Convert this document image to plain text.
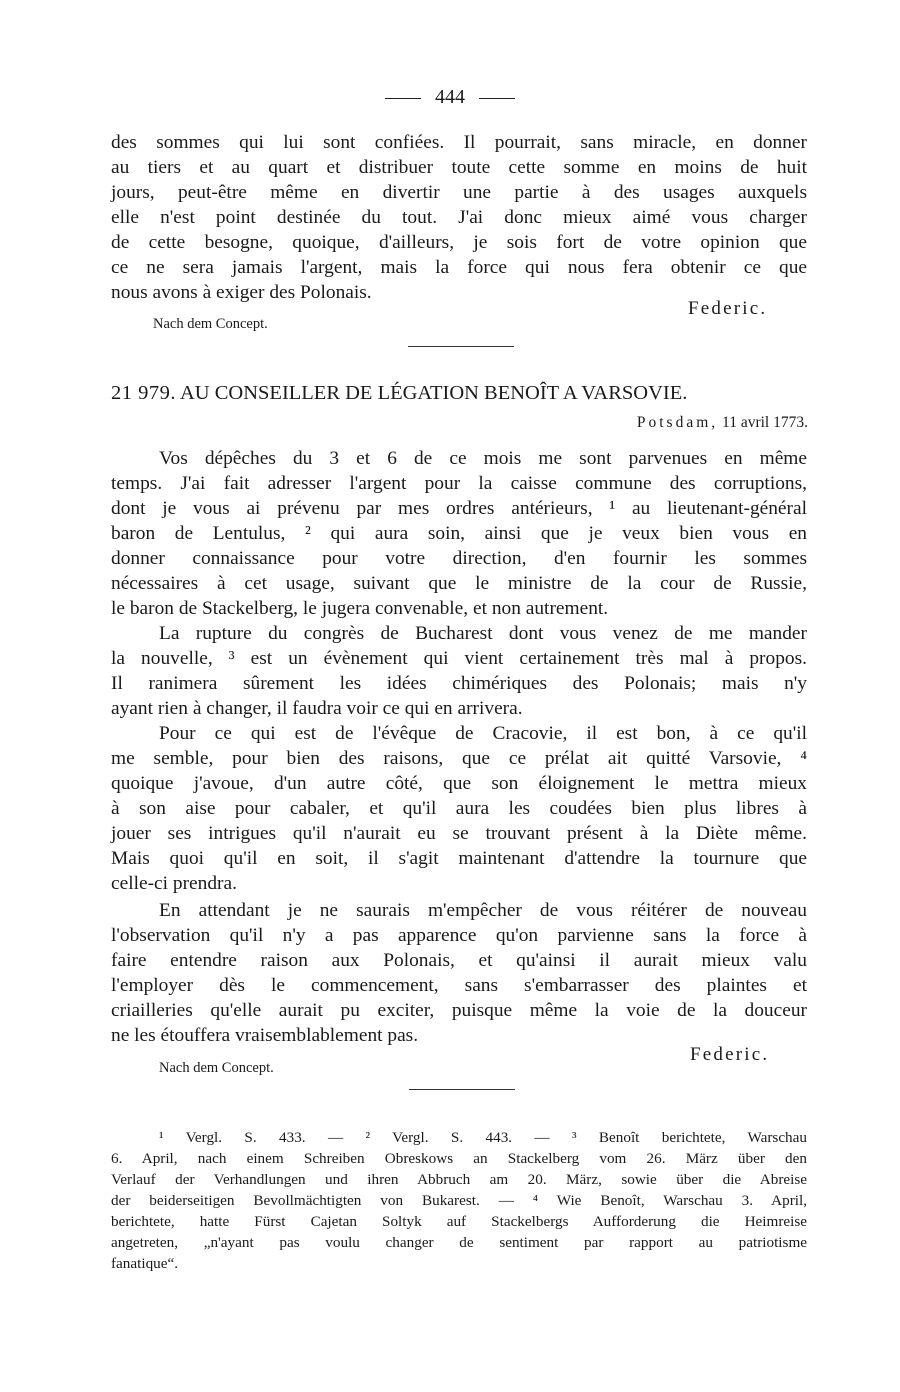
444
des sommes qui lui sont confiées. Il pourrait, sans miracle, en donner
au tiers et au quart et distribuer toute cette somme en moins de huit
jours, peut-être même en divertir une partie à des usages auxquels
elle n'est point destinée du tout. J'ai donc mieux aimé vous charger
de cette besogne, quoique, d'ailleurs, je sois fort de votre opinion que
ce ne sera jamais l'argent, mais la force qui nous fera obtenir ce que
nous avons à exiger des Polonais.
Federic.
Nach dem Concept.
21 979. AU CONSEILLER DE LÉGATION BENOÎT A VARSOVIE.
Potsdam, 11 avril 1773.
Vos dépêches du 3 et 6 de ce mois me sont parvenues en même
temps. J'ai fait adresser l'argent pour la caisse commune des corruptions,
dont je vous ai prévenu par mes ordres antérieurs, ¹ au lieutenant-général
baron de Lentulus, ² qui aura soin, ainsi que je veux bien vous en
donner connaissance pour votre direction, d'en fournir les sommes
nécessaires à cet usage, suivant que le ministre de la cour de Russie,
le baron de Stackelberg, le jugera convenable, et non autrement.
La rupture du congrès de Bucharest dont vous venez de me mander
la nouvelle, ³ est un évènement qui vient certainement très mal à propos.
Il ranimera sûrement les idées chimériques des Polonais; mais n'y
ayant rien à changer, il faudra voir ce qui en arrivera.
Pour ce qui est de l'évêque de Cracovie, il est bon, à ce qu'il
me semble, pour bien des raisons, que ce prélat ait quitté Varsovie, ⁴
quoique j'avoue, d'un autre côté, que son éloignement le mettra mieux
à son aise pour cabaler, et qu'il aura les coudées bien plus libres à
jouer ses intrigues qu'il n'aurait eu se trouvant présent à la Diète même.
Mais quoi qu'il en soit, il s'agit maintenant d'attendre la tournure que
celle-ci prendra.
En attendant je ne saurais m'empêcher de vous réitérer de nouveau
l'observation qu'il n'y a pas apparence qu'on parvienne sans la force à
faire entendre raison aux Polonais, et qu'ainsi il aurait mieux valu
l'employer dès le commencement, sans s'embarrasser des plaintes et
criailleries qu'elle aurait pu exciter, puisque même la voie de la douceur
ne les étouffera vraisemblablement pas.
Federic.
Nach dem Concept.
¹ Vergl. S. 433. — ² Vergl. S. 443. — ³ Benoît berichtete, Warschau
6. April, nach einem Schreiben Obreskows an Stackelberg vom 26. März über den
Verlauf der Verhandlungen und ihren Abbruch am 20. März, sowie über die Abreise
der beiderseitigen Bevollmächtigten von Bukarest. — ⁴ Wie Benoît, Warschau 3. April,
berichtete, hatte Fürst Cajetan Soltyk auf Stackelbergs Aufforderung die Heimreise
angetreten, „n'ayant pas voulu changer de sentiment par rapport au patriotisme
fanatique“.
